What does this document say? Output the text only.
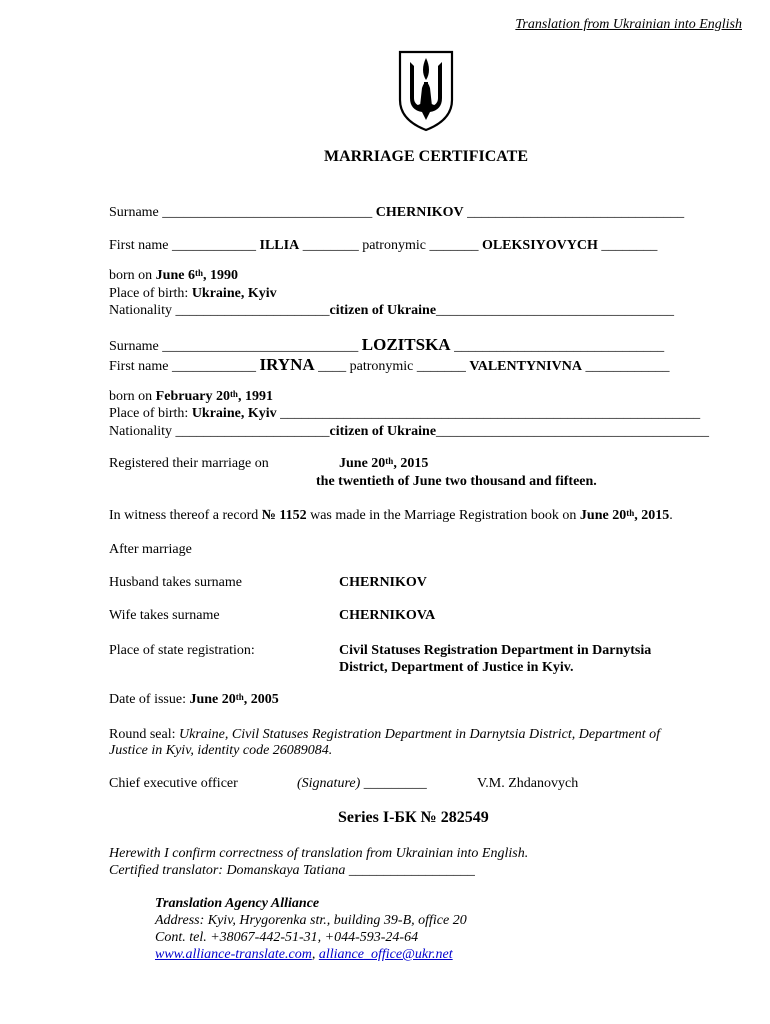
Translation from Ukrainian into English
MARRIAGE CERTIFICATE
Surname ______________________________ CHERNIKOV _______________________________
First name ____________ ILLIA ________ patronymic _______ OLEKSIYOVYCH ________
born on June 6th, 1990
Place of birth: Ukraine, Kyiv
Nationality ______________________citizen of Ukraine__________________________________
Surname ____________________________ LOZITSKA ______________________________
First name ____________ IRYNA ____ patronymic _______ VALENTYNIVNA ____________
born on February 20th, 1991
Place of birth: Ukraine, Kyiv ____________________________________________________________
Nationality ______________________citizen of Ukraine_______________________________________
Registered their marriage on	June 20th, 2015
the twentieth of June two thousand and fifteen.
In witness thereof a record № 1152 was made in the Marriage Registration book on June 20th, 2015.
After marriage
Husband takes surname	CHERNIKOV
Wife takes surname	CHERNIKOVA
Place of state registration:	Civil Statuses Registration Department in Darnytsia
District, Department of Justice in Kyiv.
Date of issue: June 20th, 2005
Round seal: Ukraine, Civil Statuses Registration Department in Darnytsia District, Department of
Justice in Kyiv, identity code 26089084.
Chief executive officer	(Signature) _________	V.M. Zhdanovych
Series I-БК № 282549
Herewith I confirm correctness of translation from Ukrainian into English.
Certified translator: Domanskaya Tatiana __________________
Translation Agency Alliance
Address: Kyiv, Hrygorenka str., building 39-B, office 20
Cont. tel. +38067-442-51-31, +044-593-24-64
www.alliance-translate.com, alliance_office@ukr.net
